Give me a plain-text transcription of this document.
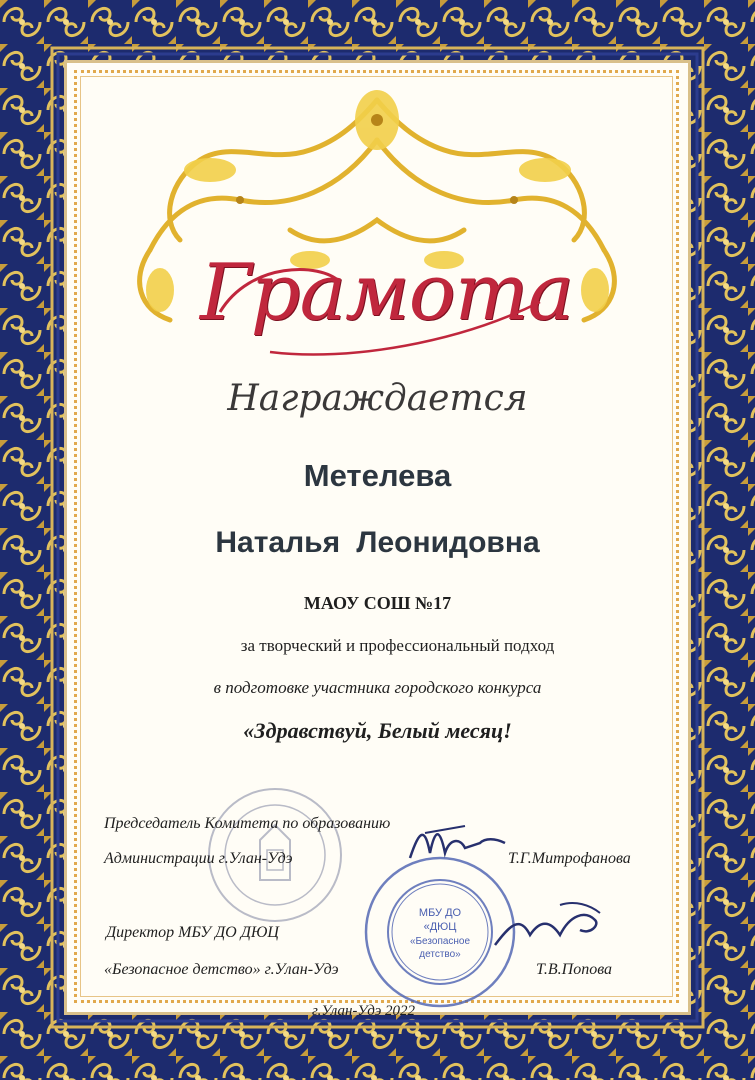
Грамота
Награждается
Метелева
Наталья Леонидовна
МАОУ СОШ №17
за творческий и профессиональный подход
в подготовке участника городского конкурса
«Здравствуй, Белый месяц!
МБУ ДО
«ДЮЦ
«Безопасное
детство»
Председатель Комитета по образованию
Администрации г.Улан-Удэ	Т.Г.Митрофанова
Директор МБУ ДО ДЮЦ
«Безопасное детство» г.Улан-Удэ	Т.В.Попова
г.Улан-Удэ 2022
